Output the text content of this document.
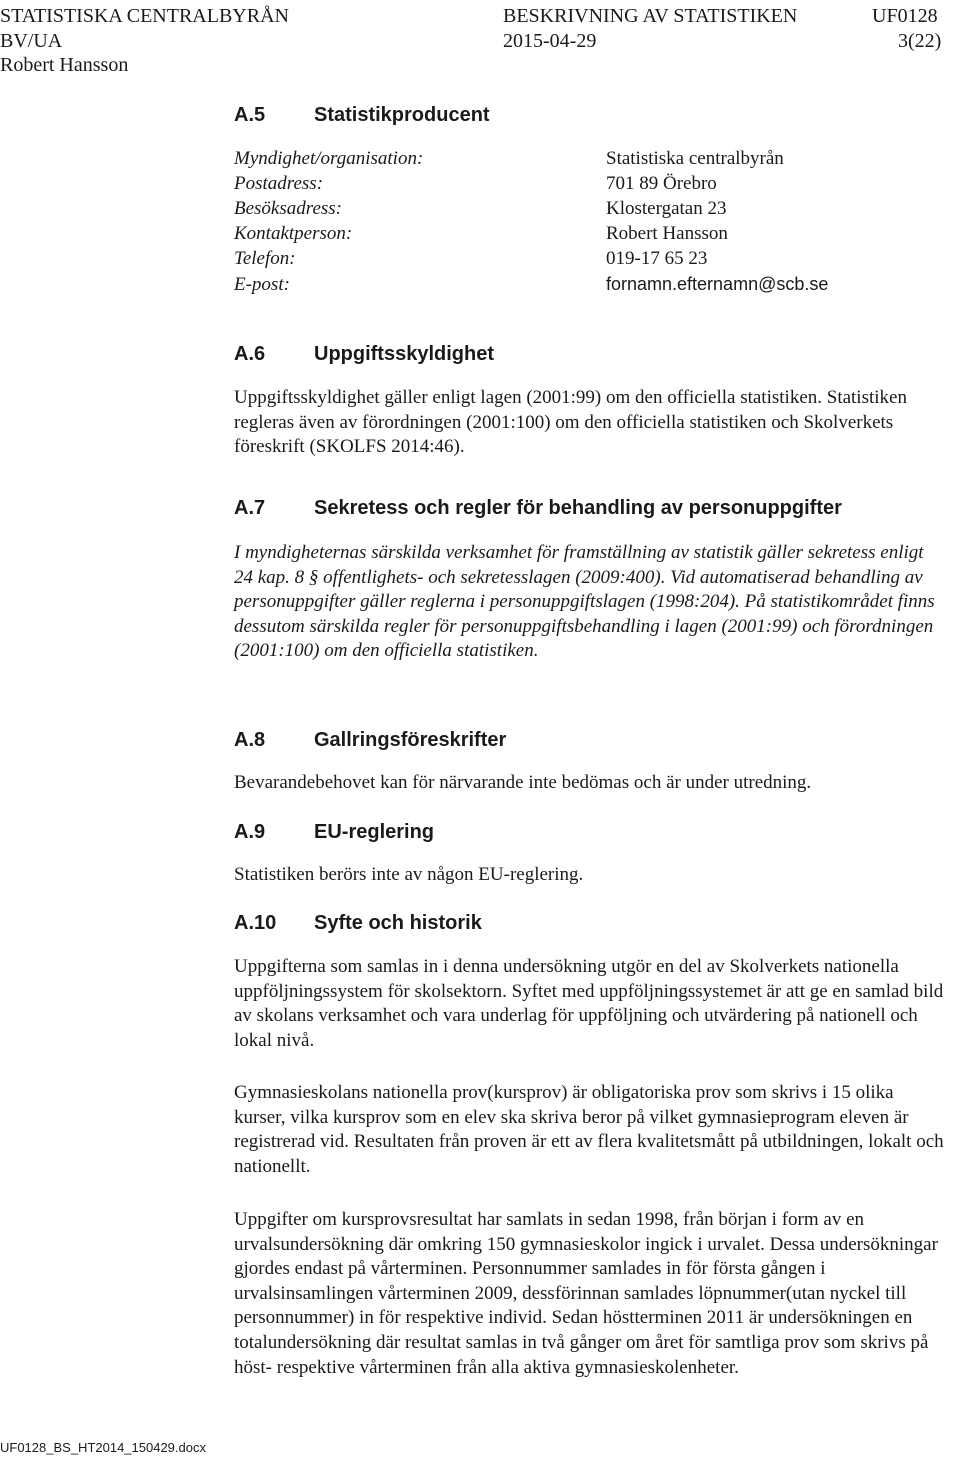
STATISTISKA CENTRALBYRÅN	BESKRIVNING AV STATISTIKEN	UF0128
BV/UA	2015-04-29	3(22)
Robert Hansson
A.5 Statistikproducent
Myndighet/organisation:	Statistiska centralbyrån
Postadress:	701 89 Örebro
Besöksadress:	Klostergatan 23
Kontaktperson:	Robert Hansson
Telefon:	019-17 65 23
E-post:	fornamn.efternamn@scb.se
A.6 Uppgiftsskyldighet
Uppgiftsskyldighet gäller enligt lagen (2001:99) om den officiella statistiken. Statistiken regleras även av förordningen (2001:100) om den officiella statistiken och Skolverkets föreskrift (SKOLFS 2014:46).
A.7 Sekretess och regler för behandling av personuppgifter
I myndigheternas särskilda verksamhet för framställning av statistik gäller sekretess enligt 24 kap. 8 § offentlighets- och sekretesslagen (2009:400). Vid automatiserad behandling av personuppgifter gäller reglerna i personuppgiftslagen (1998:204). På statistikområdet finns dessutom särskilda regler för personuppgiftsbehandling i lagen (2001:99) och förordningen (2001:100) om den officiella statistiken.
A.8 Gallringsföreskrifter
Bevarandebehovet kan för närvarande inte bedömas och är under utredning.
A.9 EU-reglering
Statistiken berörs inte av någon EU-reglering.
A.10 Syfte och historik
Uppgifterna som samlas in i denna undersökning utgör en del av Skolverkets nationella uppföljningssystem för skolsektorn. Syftet med uppföljningssystemet är att ge en samlad bild av skolans verksamhet och vara underlag för uppföljning och utvärdering på nationell och lokal nivå.
Gymnasieskolans nationella prov(kursprov) är obligatoriska prov som skrivs i 15 olika kurser, vilka kursprov som en elev ska skriva beror på vilket gymnasieprogram eleven är registrerad vid. Resultaten från proven är ett av flera kvalitetsmått på utbildningen, lokalt och nationellt.
Uppgifter om kursprovsresultat har samlats in sedan 1998, från början i form av en urvalsundersökning där omkring 150 gymnasieskolor ingick i urvalet. Dessa undersökningar gjordes endast på vårterminen. Personnummer samlades in för första gången i urvalsinsamlingen vårterminen 2009, dessförinnan samlades löpnummer(utan nyckel till personnummer) in för respektive individ. Sedan höstterminen 2011 är undersökningen en totalundersökning där resultat samlas in två gånger om året för samtliga prov som skrivs på höst- respektive vårterminen från alla aktiva gymnasieskolenheter.
UF0128_BS_HT2014_150429.docx
